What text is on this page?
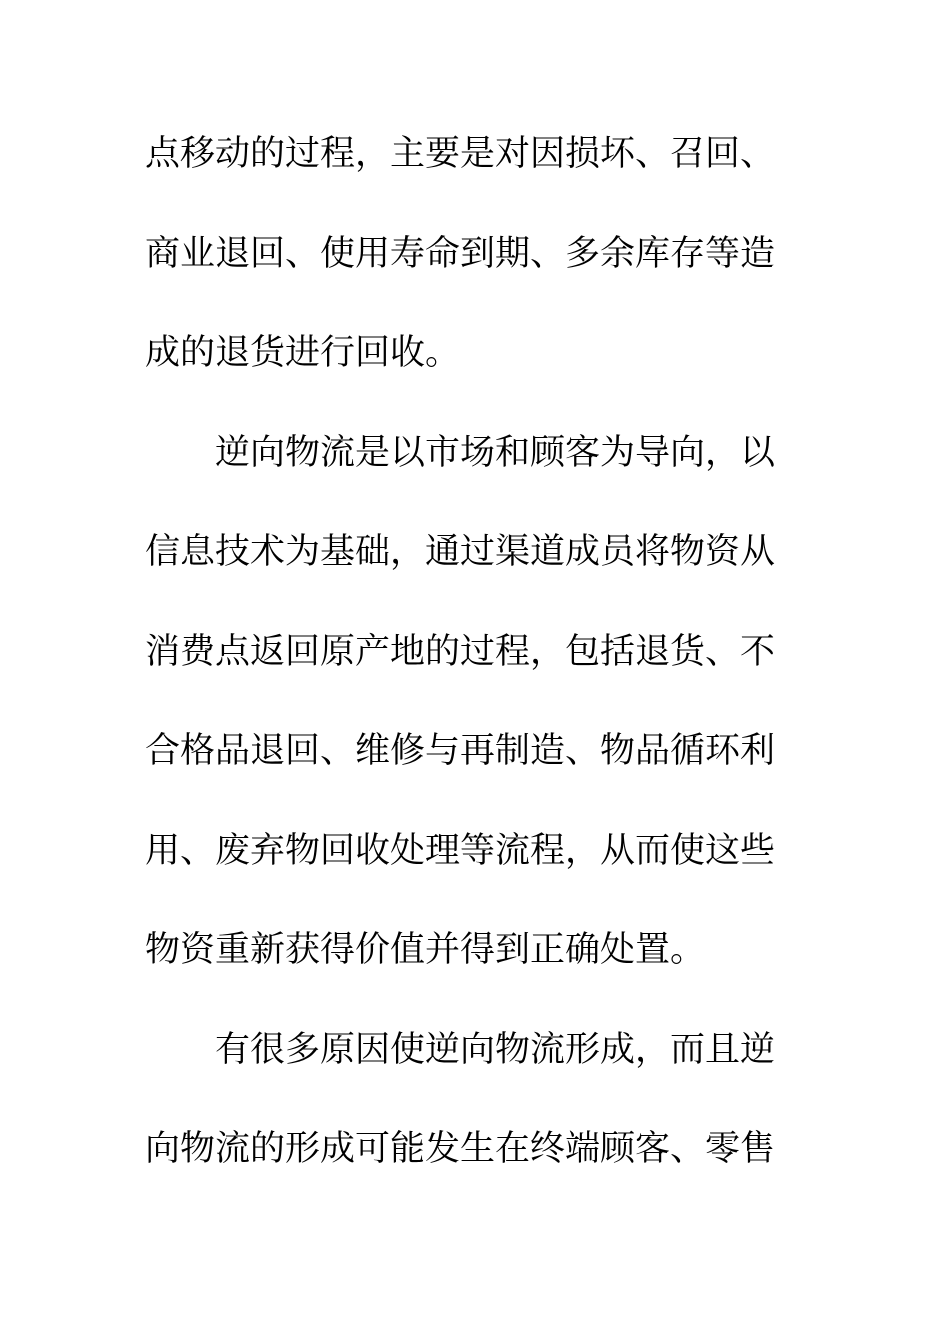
点移动的过程，主要是对因损坏、召回、
商业退回、使用寿命到期、多余库存等造
成的退货进行回收。
逆向物流是以市场和顾客为导向，以
信息技术为基础，通过渠道成员将物资从
消费点返回原产地的过程，包括退货、不
合格品退回、维修与再制造、物品循环利
用、废弃物回收处理等流程，从而使这些
物资重新获得价值并得到正确处置。
有很多原因使逆向物流形成，而且逆
向物流的形成可能发生在终端顾客、零售
